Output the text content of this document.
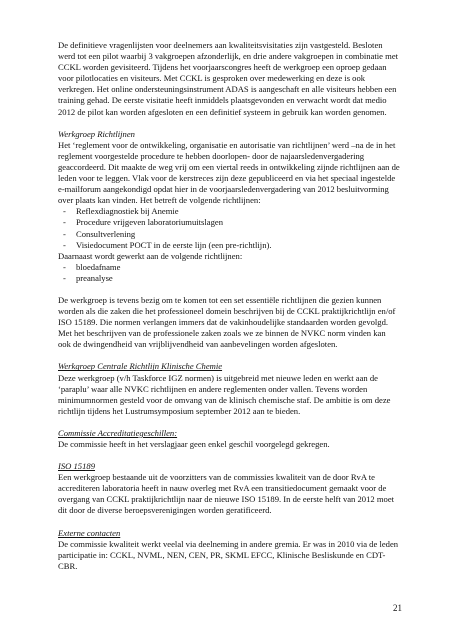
De definitieve vragenlijsten voor deelnemers aan kwaliteitsvisitaties zijn vastgesteld. Besloten werd tot een pilot waarbij 3 vakgroepen afzonderlijk, en drie andere vakgroepen in combinatie met CCKL worden gevisiteerd. Tijdens het voorjaarscongres heeft de werkgroep een oproep gedaan voor pilotlocaties en visiteurs. Met CCKL is gesproken over medewerking en deze is ook verkregen. Het online ondersteuningsinstrument ADAS is aangeschaft en alle visiteurs hebben een training gehad. De eerste visitatie heeft inmiddels plaatsgevonden en verwacht wordt dat medio 2012 de pilot kan worden afgesloten en een definitief systeem in gebruik kan worden genomen.

Werkgroep Richtlijnen

Het ‘reglement voor de ontwikkeling, organisatie en autorisatie van richtlijnen’ werd –na de in het reglement voorgestelde procedure te hebben doorlopen- door de najaarsledenvergadering geaccordeerd. Dit maakte de weg vrij om een viertal reeds in ontwikkeling zijnde richtlijnen aan de leden voor te leggen. Vlak voor de kerstreces zijn deze gepubliceerd en via het speciaal ingestelde e-mailforum aangekondigd opdat hier in de voorjaarsledenvergadering van 2012 besluitvorming over plaats kan vinden. Het betreft de volgende richtlijnen:

- Reflexdiagnostiek bij Anemie
- Procedure vrijgeven laboratoriumuitslagen
- Consultverlening
- Visiedocument POCT in de eerste lijn (een pre-richtlijn).

Daarnaast wordt gewerkt aan de volgende richtlijnen:

- bloedafname
- preanalyse

De werkgroep is tevens bezig om te komen tot een set essentiële richtlijnen die gezien kunnen worden als die zaken die het professioneel domein beschrijven bij de CCKL praktijkrichtlijn en/of ISO 15189. Die normen verlangen immers dat de vakinhoudelijke standaarden worden gevolgd. Met het beschrijven van de professionele zaken zoals we ze binnen de NVKC norm vinden kan ook de dwingendheid van vrijblijvendheid van aanbevelingen worden afgesloten.

Werkgroep Centrale Richtlijn Klinische Chemie

Deze werkgroep (v/h Taskforce IGZ normen) is uitgebreid met nieuwe leden en werkt aan de ‘paraplu’ waar alle NVKC richtlijnen en andere reglementen onder vallen. Tevens worden minimumnormen gesteld voor de omvang van de klinisch chemische staf. De ambitie is om deze richtlijn tijdens het Lustrumsymposium september 2012 aan te bieden.

Commissie Accreditatiegeschillen:

De commissie heeft in het verslagjaar geen enkel geschil voorgelegd gekregen.

ISO 15189

Een werkgroep bestaande uit de voorzitters van de commissies kwaliteit van de door RvA te accrediteren laboratoria heeft in nauw overleg met RvA een transitiedocument gemaakt voor de overgang van CCKL praktijkrichtlijn naar de nieuwe ISO 15189. In de eerste helft van 2012 moet dit door de diverse beroepsverenigingen worden geratificeerd.

Externe contacten

De commissie kwaliteit werkt veelal via deelneming in andere gremia. Er was in 2010 via de leden participatie in: CCKL, NVML, NEN, CEN, PR, SKML EFCC, Klinische Besliskunde en CDT-CBR.

21
